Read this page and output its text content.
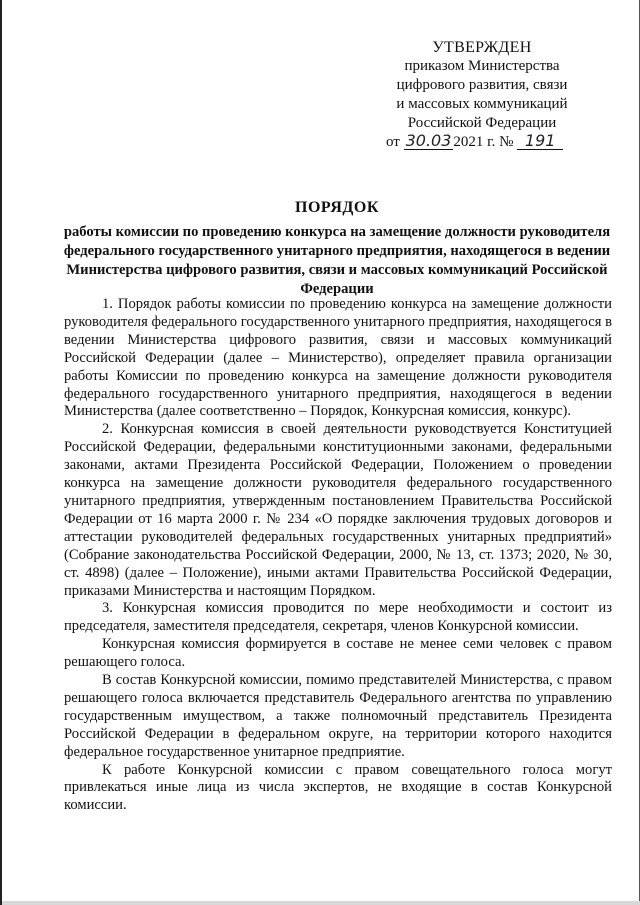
УТВЕРЖДЕН
приказом Министерства
цифрового развития, связи
и массовых коммуникаций
Российской Федерации
от 30.03 2021 г. № 191
ПОРЯДОК
работы комиссии по проведению конкурса на замещение должности руководителя федерального государственного унитарного предприятия, находящегося в ведении Министерства цифрового развития, связи и массовых коммуникаций Российской Федерации

1. Порядок работы комиссии по проведению конкурса на замещение должности руководителя федерального государственного унитарного предприятия, находящегося в ведении Министерства цифрового развития, связи и массовых коммуникаций Российской Федерации (далее – Министерство), определяет правила организации работы Комиссии по проведению конкурса на замещение должности руководителя федерального государственного унитарного предприятия, находящегося в ведении Министерства (далее соответственно – Порядок, Конкурсная комиссия, конкурс).

2. Конкурсная комиссия в своей деятельности руководствуется Конституцией Российской Федерации, федеральными конституционными законами, федеральными законами, актами Президента Российской Федерации, Положением о проведении конкурса на замещение должности руководителя федерального государственного унитарного предприятия, утвержденным постановлением Правительства Российской Федерации от 16 марта 2000 г. № 234 «О порядке заключения трудовых договоров и аттестации руководителей федеральных государственных унитарных предприятий» (Собрание законодательства Российской Федерации, 2000, № 13, ст. 1373; 2020, № 30, ст. 4898) (далее – Положение), иными актами Правительства Российской Федерации, приказами Министерства и настоящим Порядком.

3. Конкурсная комиссия проводится по мере необходимости и состоит из председателя, заместителя председателя, секретаря, членов Конкурсной комиссии.

Конкурсная комиссия формируется в составе не менее семи человек с правом решающего голоса.

В состав Конкурсной комиссии, помимо представителей Министерства, с правом решающего голоса включается представитель Федерального агентства по управлению государственным имуществом, а также полномочный представитель Президента Российской Федерации в федеральном округе, на территории которого находится федеральное государственное унитарное предприятие.

К работе Конкурсной комиссии с правом совещательного голоса могут привлекаться иные лица из числа экспертов, не входящие в состав Конкурсной комиссии.
